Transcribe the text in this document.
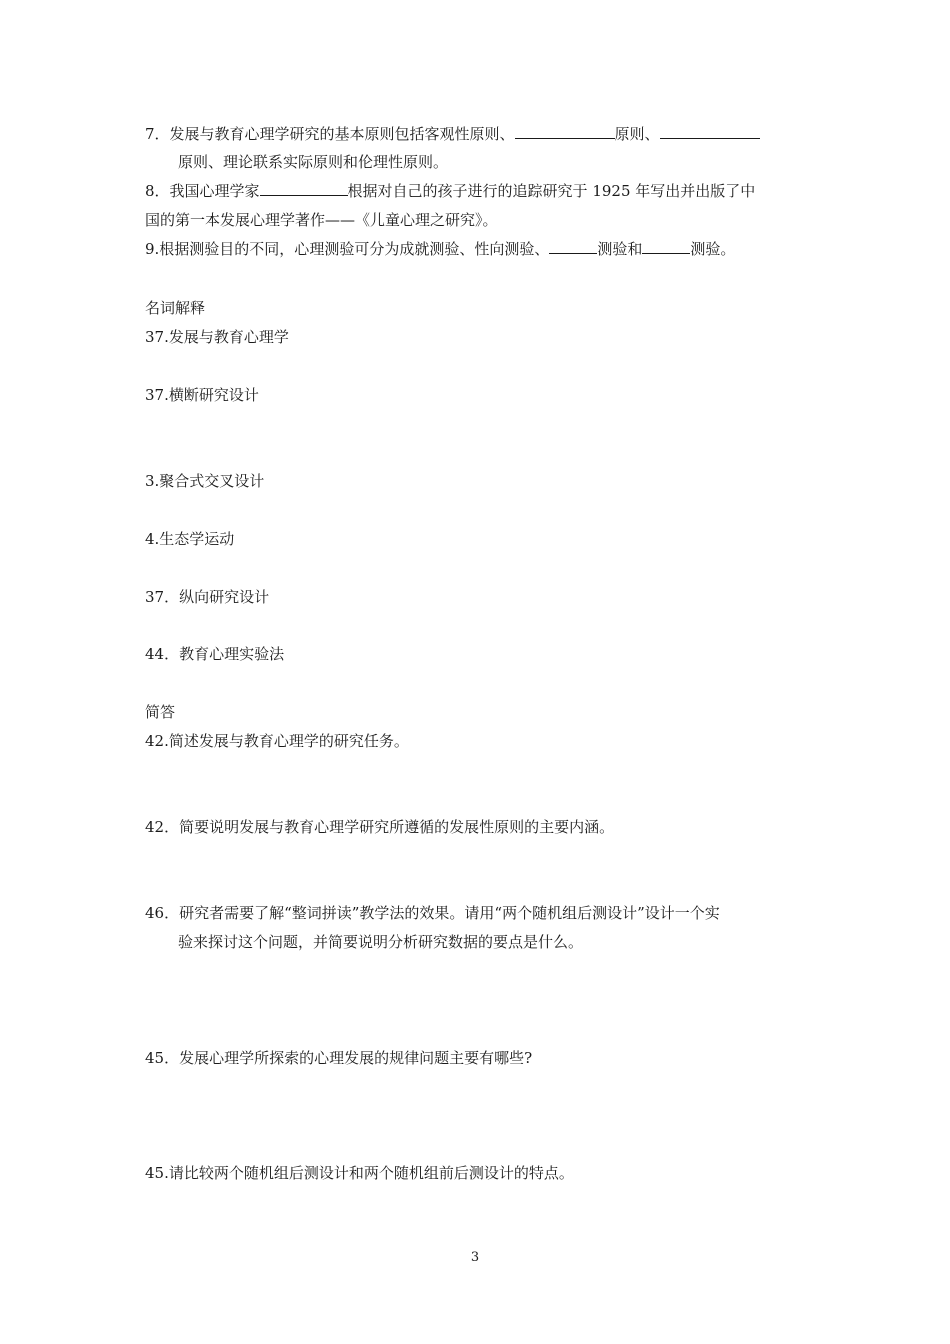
7．发展与教育心理学研究的基本原则包括客观性原则、	原则、
原则、理论联系实际原则和伦理性原则。
8．我国心理学家	根据对自己的孩子进行的追踪研究于 1925 年写出并出版了中
国的第一本发展心理学著作——《儿童心理之研究》。
9.根据测验目的不同，心理测验可分为成就测验、性向测验、	测验和	测验。
名词解释
37.发展与教育心理学
37.横断研究设计
3.聚合式交叉设计
4.生态学运动
37．纵向研究设计
44．教育心理实验法
简答
42.简述发展与教育心理学的研究任务。
42．简要说明发展与教育心理学研究所遵循的发展性原则的主要内涵。
46．研究者需要了解“整词拼读”教学法的效果。请用“两个随机组后测设计”设计一个实
验来探讨这个问题，并简要说明分析研究数据的要点是什么。
45．发展心理学所探索的心理发展的规律问题主要有哪些?
45.请比较两个随机组后测设计和两个随机组前后测设计的特点。
3
